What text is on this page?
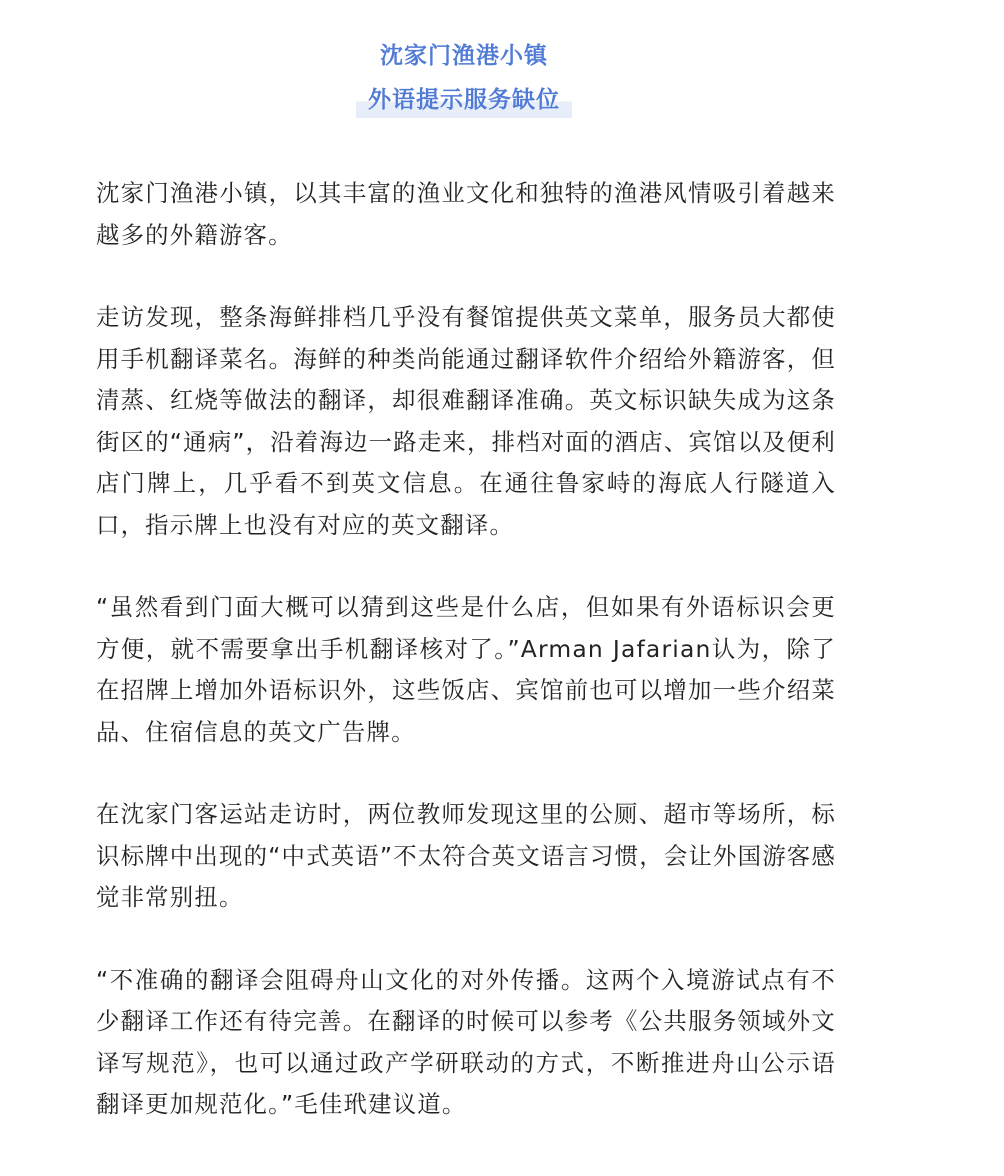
沈家门渔港小镇
外语提示服务缺位

沈家门渔港小镇，以其丰富的渔业文化和独特的渔港风情吸引着越来越多的外籍游客。

走访发现，整条海鲜排档几乎没有餐馆提供英文菜单，服务员大都使用手机翻译菜名。海鲜的种类尚能通过翻译软件介绍给外籍游客，但清蒸、红烧等做法的翻译，却很难翻译准确。英文标识缺失成为这条街区的“通病”，沿着海边一路走来，排档对面的酒店、宾馆以及便利店门牌上，几乎看不到英文信息。在通往鲁家峙的海底人行隧道入口，指示牌上也没有对应的英文翻译。

“虽然看到门面大概可以猜到这些是什么店，但如果有外语标识会更方便，就不需要拿出手机翻译核对了。”Arman Jafarian认为，除了在招牌上增加外语标识外，这些饭店、宾馆前也可以增加一些介绍菜品、住宿信息的英文广告牌。

在沈家门客运站走访时，两位教师发现这里的公厕、超市等场所，标识标牌中出现的“中式英语”不太符合英文语言习惯，会让外国游客感觉非常别扭。

“不准确的翻译会阻碍舟山文化的对外传播。这两个入境游试点有不少翻译工作还有待完善。在翻译的时候可以参考《公共服务领域外文译写规范》，也可以通过政产学研联动的方式，不断推进舟山公示语翻译更加规范化。”毛佳玳建议道。
